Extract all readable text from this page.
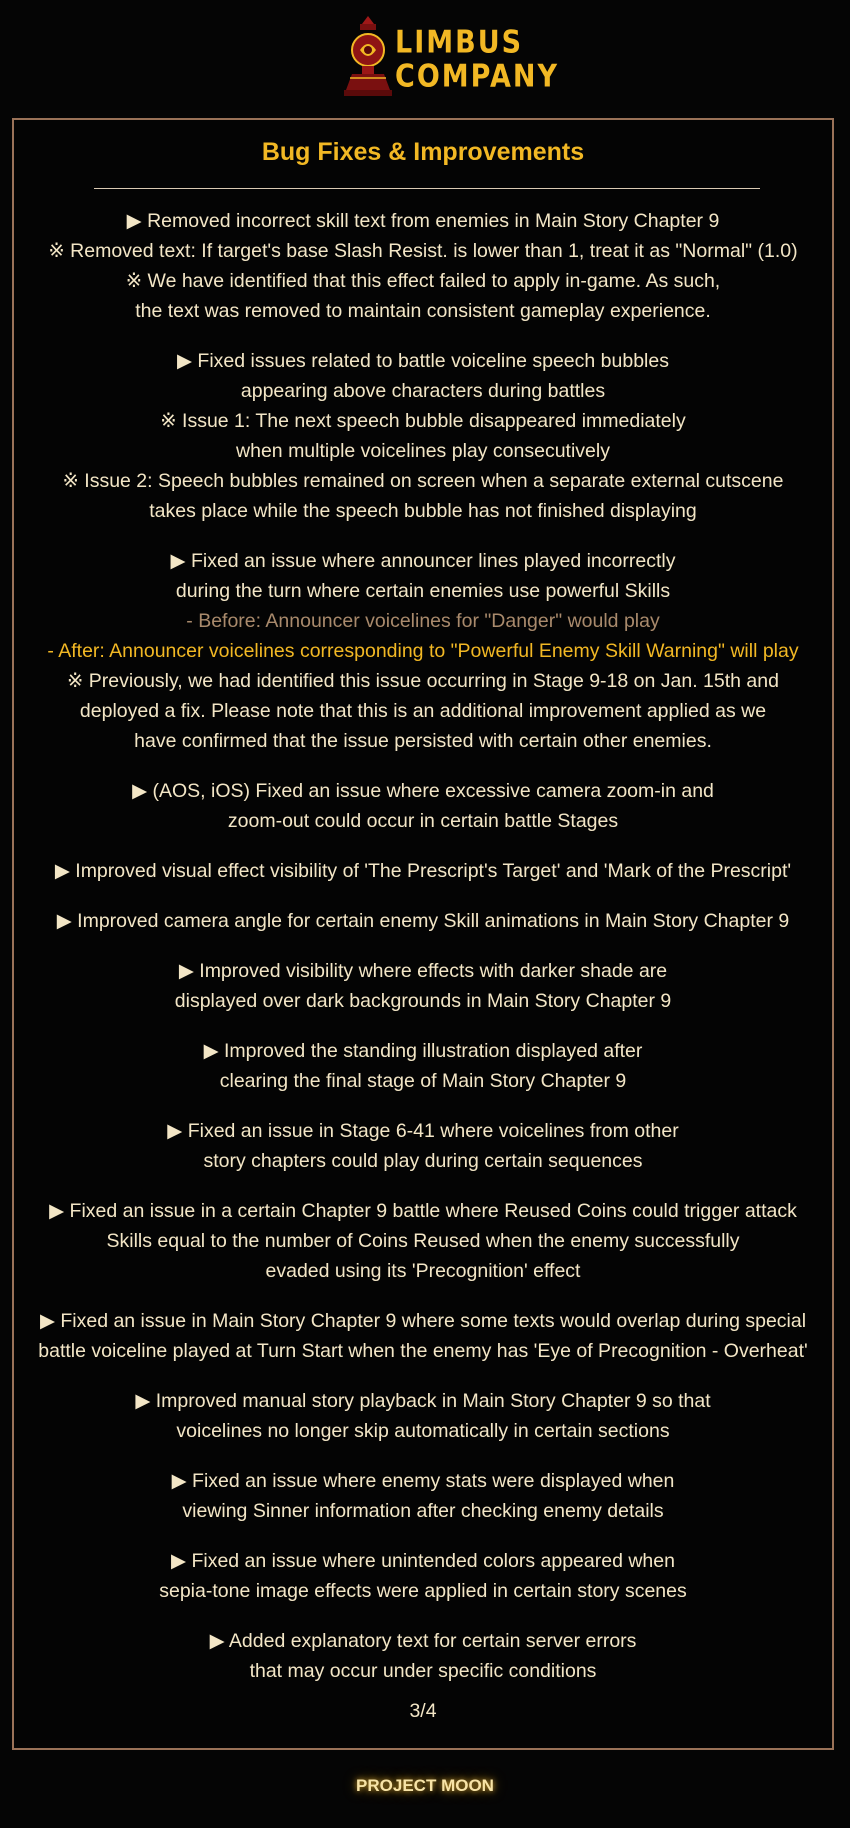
LIMBUS
COMPANY
Bug Fixes & Improvements
▶ Removed incorrect skill text from enemies in Main Story Chapter 9
※ Removed text: If target's base Slash Resist. is lower than 1, treat it as "Normal" (1.0)
※ We have identified that this effect failed to apply in-game. As such,
the text was removed to maintain consistent gameplay experience.
▶ Fixed issues related to battle voiceline speech bubbles
appearing above characters during battles
※ Issue 1: The next speech bubble disappeared immediately
when multiple voicelines play consecutively
※ Issue 2: Speech bubbles remained on screen when a separate external cutscene
takes place while the speech bubble has not finished displaying
▶ Fixed an issue where announcer lines played incorrectly
during the turn where certain enemies use powerful Skills
- Before: Announcer voicelines for "Danger" would play
- After: Announcer voicelines corresponding to "Powerful Enemy Skill Warning" will play
※ Previously, we had identified this issue occurring in Stage 9-18 on Jan. 15th and
deployed a fix. Please note that this is an additional improvement applied as we
have confirmed that the issue persisted with certain other enemies.
▶ (AOS, iOS) Fixed an issue where excessive camera zoom-in and
zoom-out could occur in certain battle Stages
▶ Improved visual effect visibility of 'The Prescript's Target' and 'Mark of the Prescript'
▶ Improved camera angle for certain enemy Skill animations in Main Story Chapter 9
▶ Improved visibility where effects with darker shade are
displayed over dark backgrounds in Main Story Chapter 9
▶ Improved the standing illustration displayed after
clearing the final stage of Main Story Chapter 9
▶ Fixed an issue in Stage 6-41 where voicelines from other
story chapters could play during certain sequences
▶ Fixed an issue in a certain Chapter 9 battle where Reused Coins could trigger attack
Skills equal to the number of Coins Reused when the enemy successfully
evaded using its 'Precognition' effect
▶ Fixed an issue in Main Story Chapter 9 where some texts would overlap during special
battle voiceline played at Turn Start when the enemy has 'Eye of Precognition - Overheat'
▶ Improved manual story playback in Main Story Chapter 9 so that
voicelines no longer skip automatically in certain sections
▶ Fixed an issue where enemy stats were displayed when
viewing Sinner information after checking enemy details
▶ Fixed an issue where unintended colors appeared when
sepia-tone image effects were applied in certain story scenes
▶ Added explanatory text for certain server errors
that may occur under specific conditions
3/4
PROJECT MOON
